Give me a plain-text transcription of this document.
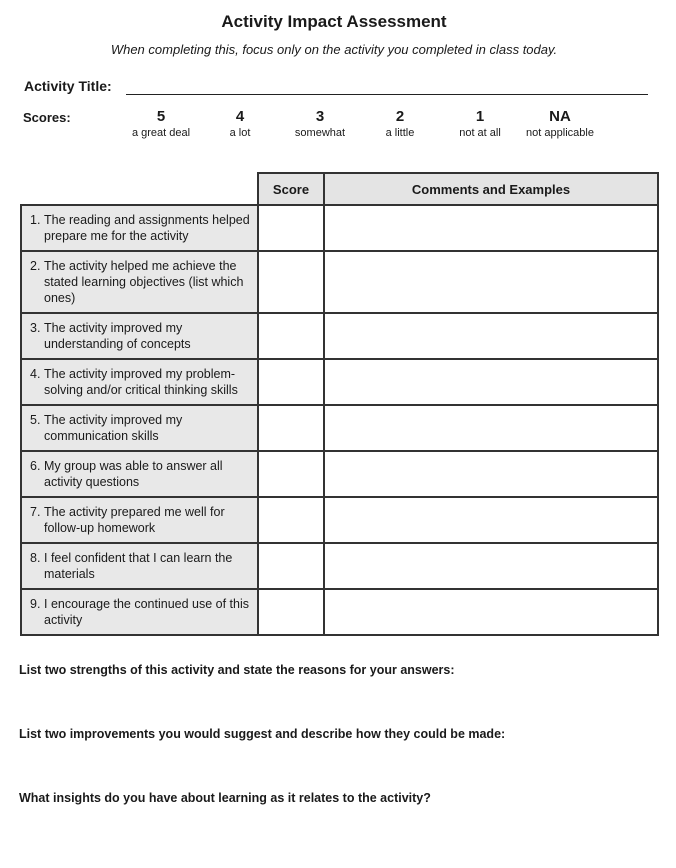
Activity Impact Assessment
When completing this, focus only on the activity you completed in class today.
Activity Title:
Scores:	5
a great deal
4
a lot
3
somewhat
2
a little
1
not at all
NA
not applicable
	Score	Comments and Examples
1. The reading and assignments helped prepare me for the activity		
2. The activity helped me achieve the stated learning objectives (list which ones)		
3. The activity improved my understanding of concepts		
4. The activity improved my problem-solving and/or critical thinking skills		
5. The activity improved my communication skills		
6. My group was able to answer all activity questions		
7. The activity prepared me well for follow-up homework		
8. I feel confident that I can learn the materials		
9. I encourage the continued use of this activity		
List two strengths of this activity and state the reasons for your answers:
List two improvements you would suggest and describe how they could be made:
What insights do you have about learning as it relates to the activity?
